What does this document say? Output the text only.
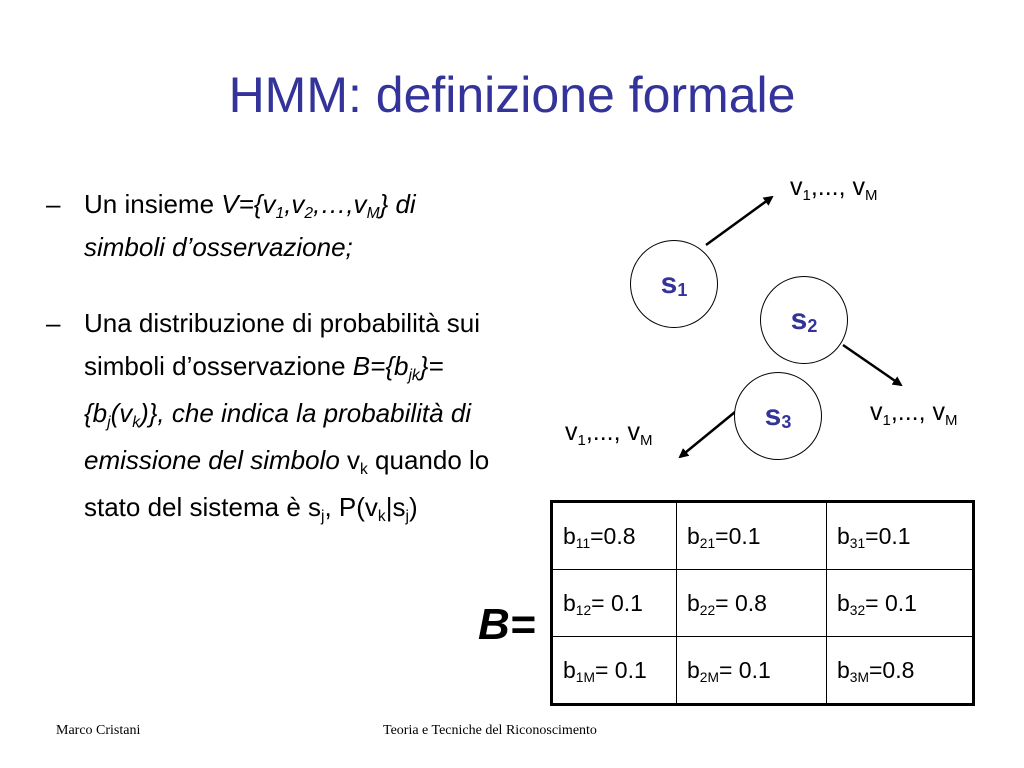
HMM: definizione formale
– Un insieme $V=\{v_1,v_2,\dots,v_M\}$ di simboli d’osservazione;
– Una distribuzione di probabilità sui simboli d’osservazione $B=\{b_{jk}\}=\{b_j(v_k)\}$, che indica la probabilità di emissione del simbolo $v_k$ quando lo stato del sistema è $s_j$, $P(v_k|s_j)$
$s_1$
$s_2$
$s_3$
$v_1$,..., $v_M$
$v_1$,..., $v_M$
$v_1$,..., $v_M$
B=
$b_{11}=0.8$	$b_{21}=0.1$	$b_{31}=0.1$
$b_{12}= 0.1$	$b_{22}= 0.8$	$b_{32}= 0.1$
$b_{1M}= 0.1$	$b_{2M}= 0.1$	$b_{3M}=0.8$
Marco Cristani	Teoria e Tecniche del Riconoscimento
